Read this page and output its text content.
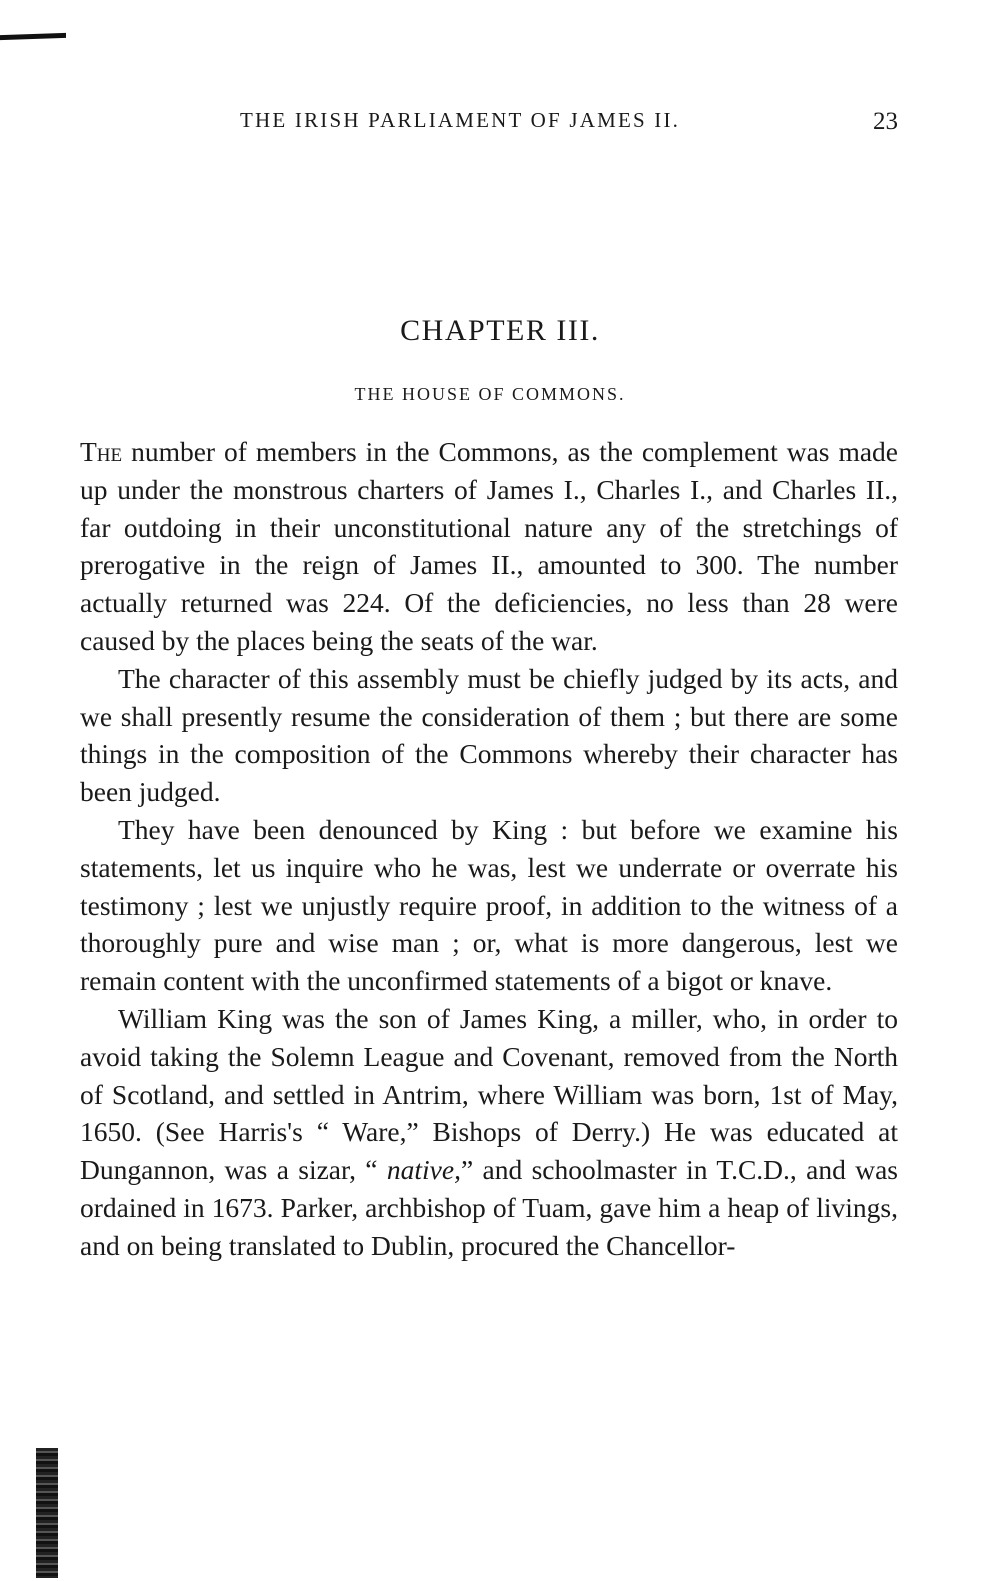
THE IRISH PARLIAMENT OF JAMES II.	23
CHAPTER III.
THE HOUSE OF COMMONS.

The number of members in the Commons, as the complement was made up under the monstrous charters of James I., Charles I., and Charles II., far outdoing in their unconstitutional nature any of the stretchings of prerogative in the reign of James II., amounted to 300. The number actually returned was 224. Of the deficiencies, no less than 28 were caused by the places being the seats of the war.

The character of this assembly must be chiefly judged by its acts, and we shall presently resume the consideration of them ; but there are some things in the composition of the Commons whereby their character has been judged.

They have been denounced by King : but before we examine his statements, let us inquire who he was, lest we underrate or overrate his testimony ; lest we unjustly require proof, in addition to the witness of a thoroughly pure and wise man ; or, what is more dangerous, lest we remain content with the unconfirmed statements of a bigot or knave.

William King was the son of James King, a miller, who, in order to avoid taking the Solemn League and Covenant, removed from the North of Scotland, and settled in Antrim, where William was born, 1st of May, 1650. (See Harris's “ Ware,” Bishops of Derry.) He was educated at Dungannon, was a sizar, “ native,” and schoolmaster in T.C.D., and was ordained in 1673. Parker, archbishop of Tuam, gave him a heap of livings, and on being translated to Dublin, procured the Chancellor-
